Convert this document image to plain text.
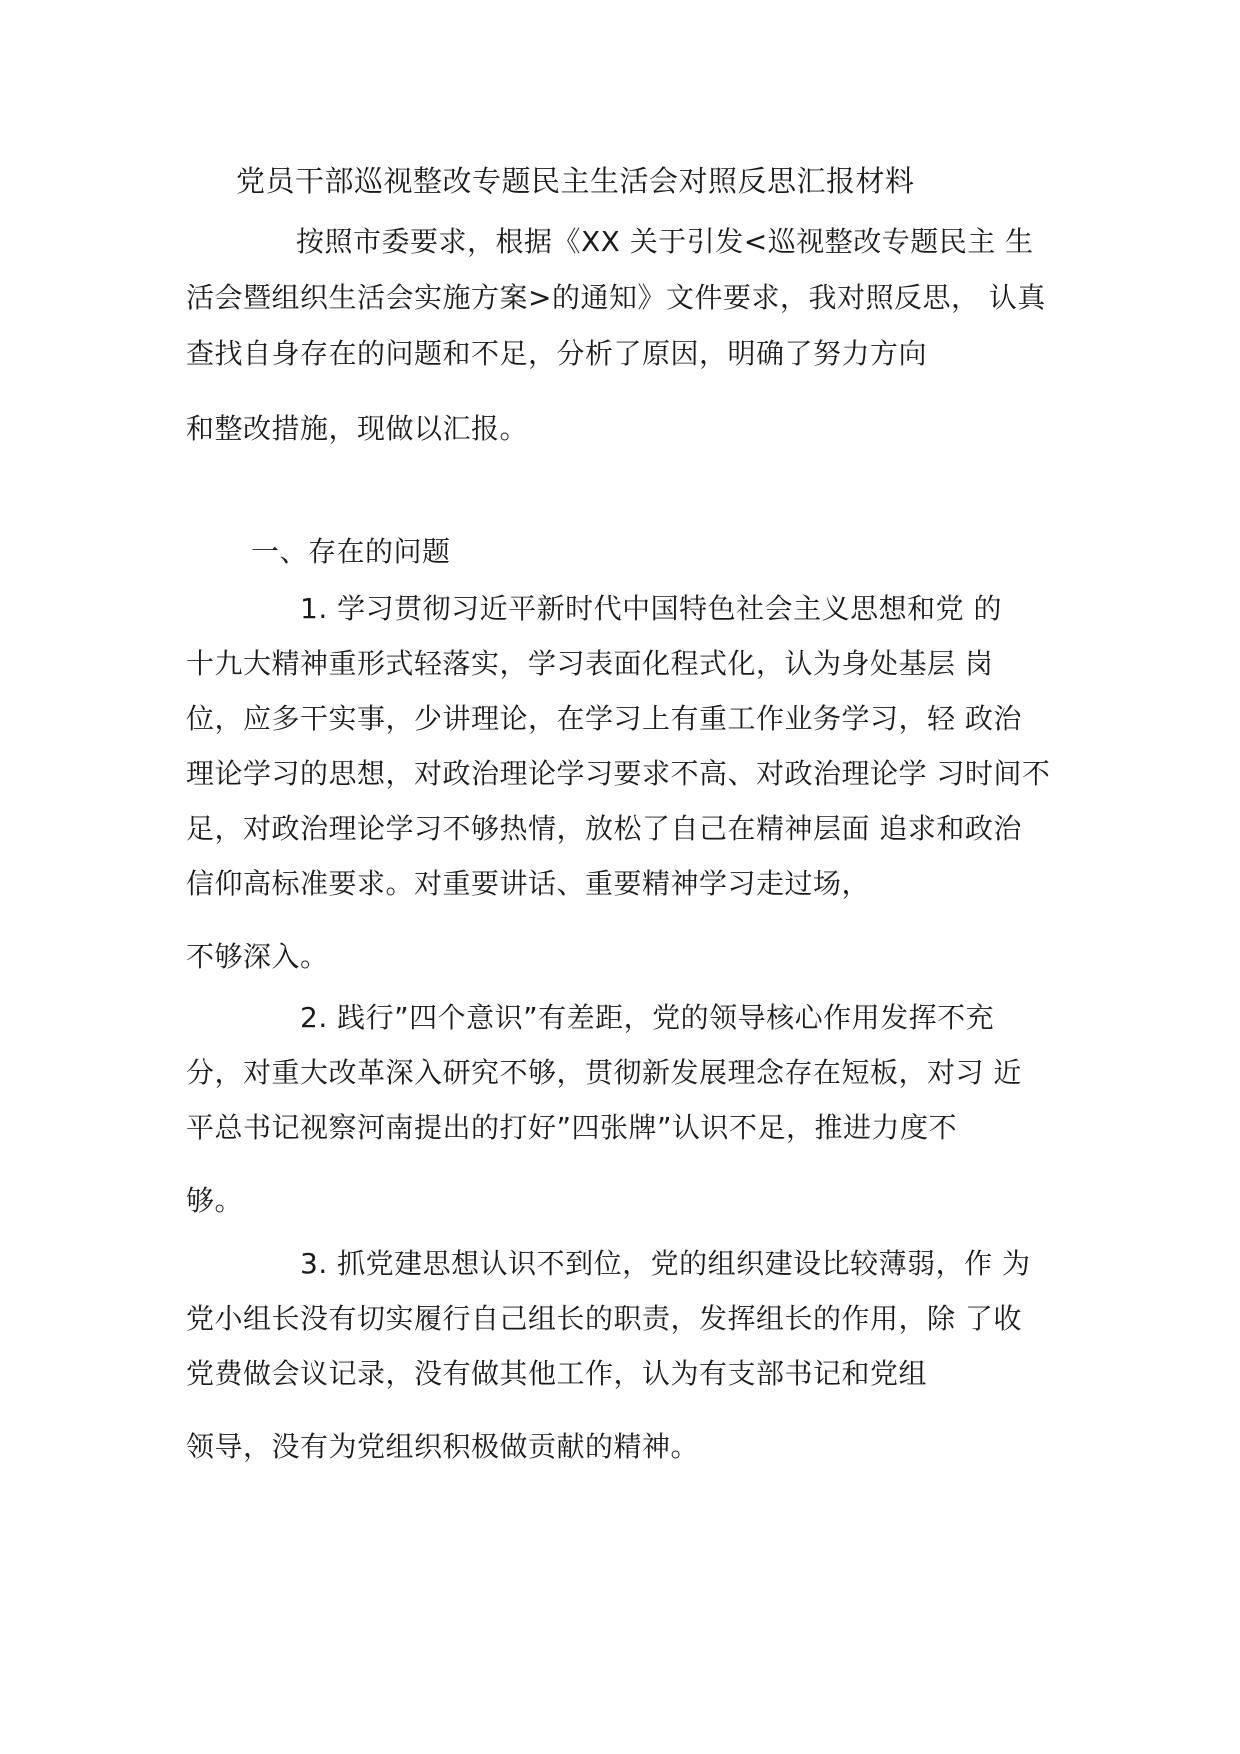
党员干部巡视整改专题民主生活会对照反思汇报材料
按照市委要求，根据《XX 关于引发<巡视整改专题民主 生
活会暨组织生活会实施方案>的通知》文件要求，我对照反思， 认真
查找自身存在的问题和不足，分析了原因，明确了努力方向
和整改措施，现做以汇报。
一、存在的问题
1. 学习贯彻习近平新时代中国特色社会主义思想和党 的
十九大精神重形式轻落实，学习表面化程式化，认为身处基层 岗
位，应多干实事，少讲理论，在学习上有重工作业务学习，轻 政治
理论学习的思想，对政治理论学习要求不高、对政治理论学 习时间不
足，对政治理论学习不够热情，放松了自己在精神层面 追求和政治
信仰高标准要求。对重要讲话、重要精神学习走过场，
不够深入。
2. 践行”四个意识”有差距，党的领导核心作用发挥不充
分，对重大改革深入研究不够，贯彻新发展理念存在短板，对习 近
平总书记视察河南提出的打好”四张牌”认识不足，推进力度不
够。
3. 抓党建思想认识不到位，党的组织建设比较薄弱，作 为
党小组长没有切实履行自己组长的职责，发挥组长的作用，除 了收
党费做会议记录，没有做其他工作，认为有支部书记和党组
领导，没有为党组织积极做贡献的精神。
